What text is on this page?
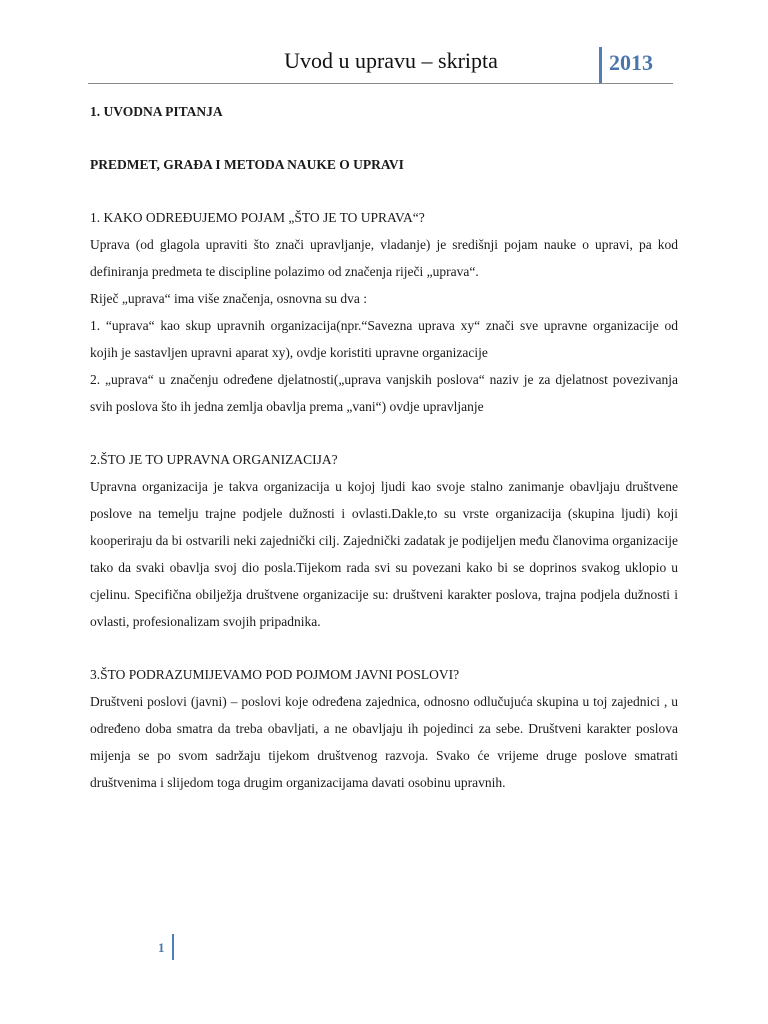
Uvod u upravu – skripta	2013

1. UVODNA PITANJA

PREDMET, GRAĐA I METODA NAUKE O UPRAVI

1. KAKO ODREĐUJEMO POJAM „ŠTO JE TO UPRAVA“?

Uprava (od glagola upraviti što znači upravljanje, vladanje) je središnji pojam nauke o upravi, pa kod definiranja predmeta te discipline polazimo od značenja riječi „uprava“.

Riječ „uprava“ ima više značenja, osnovna su dva :

1. “uprava“ kao skup upravnih organizacija(npr.“Savezna uprava xy“ znači sve upravne organizacije od kojih je sastavljen upravni aparat xy), ovdje koristiti upravne organizacije

2. „uprava“ u značenju određene djelatnosti(„uprava vanjskih poslova“ naziv je za djelatnost povezivanja svih poslova što ih jedna zemlja obavlja prema „vani“) ovdje upravljanje

2.ŠTO JE TO UPRAVNA ORGANIZACIJA?

Upravna organizacija je takva organizacija u kojoj ljudi kao svoje stalno zanimanje obavljaju društvene poslove na temelju trajne podjele dužnosti i ovlasti.Dakle,to su vrste organizacija (skupina ljudi) koji kooperiraju da bi ostvarili neki zajednički cilj. Zajednički zadatak je podijeljen među članovima organizacije tako da svaki obavlja svoj dio posla.Tijekom rada svi su povezani kako bi se doprinos svakog uklopio u cjelinu. Specifična obilježja društvene organizacije su: društveni karakter poslova, trajna podjela dužnosti i ovlasti, profesionalizam svojih pripadnika.

3.ŠTO PODRAZUMIJEVAMO POD POJMOM JAVNI POSLOVI?

Društveni poslovi (javni) – poslovi koje određena zajednica, odnosno odlučujuća skupina u toj zajednici , u određeno doba smatra da treba obavljati, a ne obavljaju ih pojedinci za sebe. Društveni karakter poslova mijenja se po svom sadržaju tijekom društvenog razvoja. Svako će vrijeme druge poslove smatrati društvenima i slijedom toga drugim organizacijama davati osobinu upravnih.

1
